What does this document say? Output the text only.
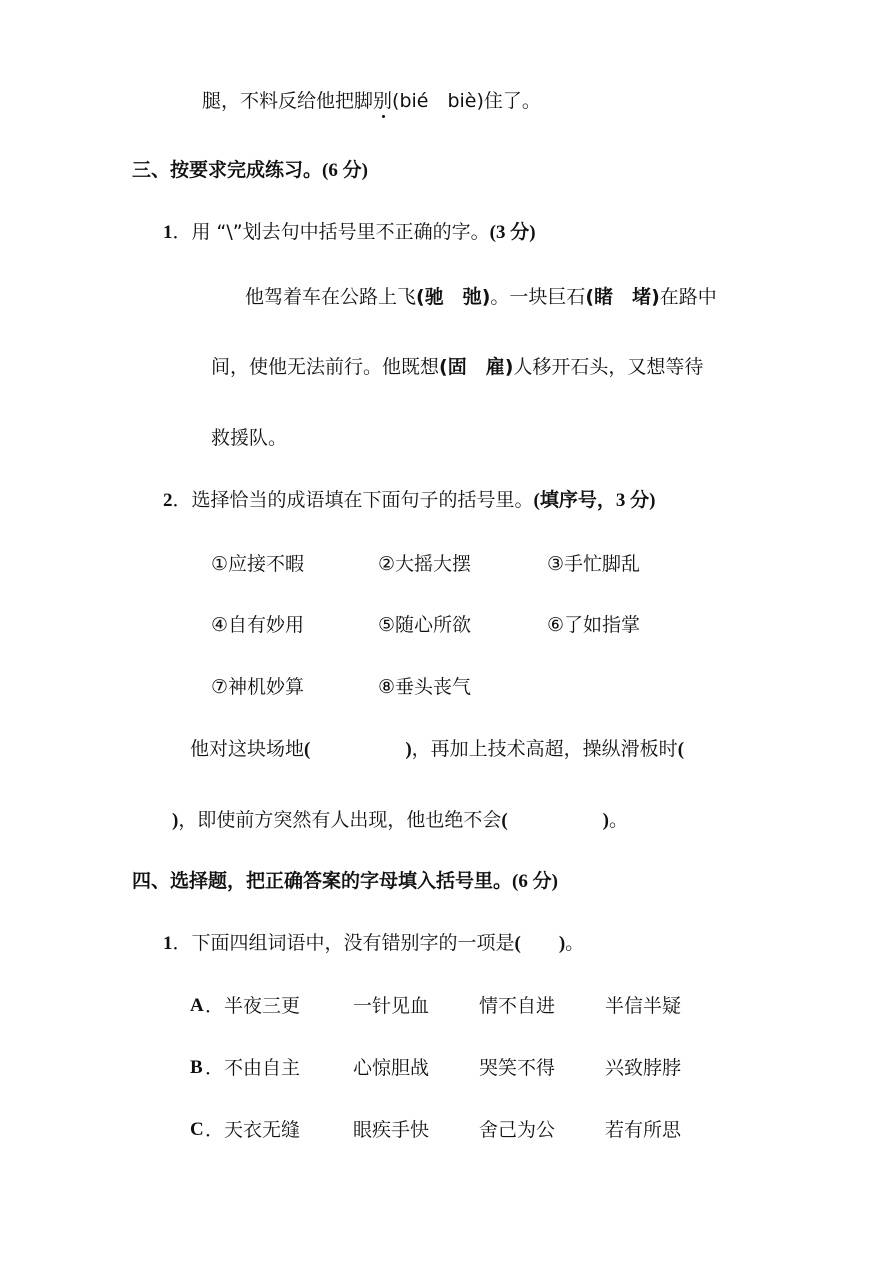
腿，不料反给他把脚别(bié　biè)住了。
三、按要求完成练习。(6 分)
1．用 “\”划去句中括号里不正确的字。(3 分)
他驾着车在公路上飞(驰　弛)。一块巨石(睹　堵)在路中
间，使他无法前行。他既想(固　雇)人移开石头，又想等待
救援队。
2．选择恰当的成语填在下面句子的括号里。(填序号，3 分)
①应接不暇	②大摇大摆	③手忙脚乱
④自有妙用	⑤随心所欲	⑥了如指掌
⑦神机妙算	⑧垂头丧气
他对这块场地(　　　　　)，再加上技术高超，操纵滑板时(
)，即使前方突然有人出现，他也绝不会(　　　　　)。
四、选择题，把正确答案的字母填入括号里。(6 分)
1．下面四组词语中，没有错别字的一项是(　　)。
A ．半夜三更	一针见血	情不自进	半信半疑
B ．不由自主	心惊胆战	哭笑不得	兴致脖脖
C ．天衣无缝	眼疾手快	舍己为公	若有所思
